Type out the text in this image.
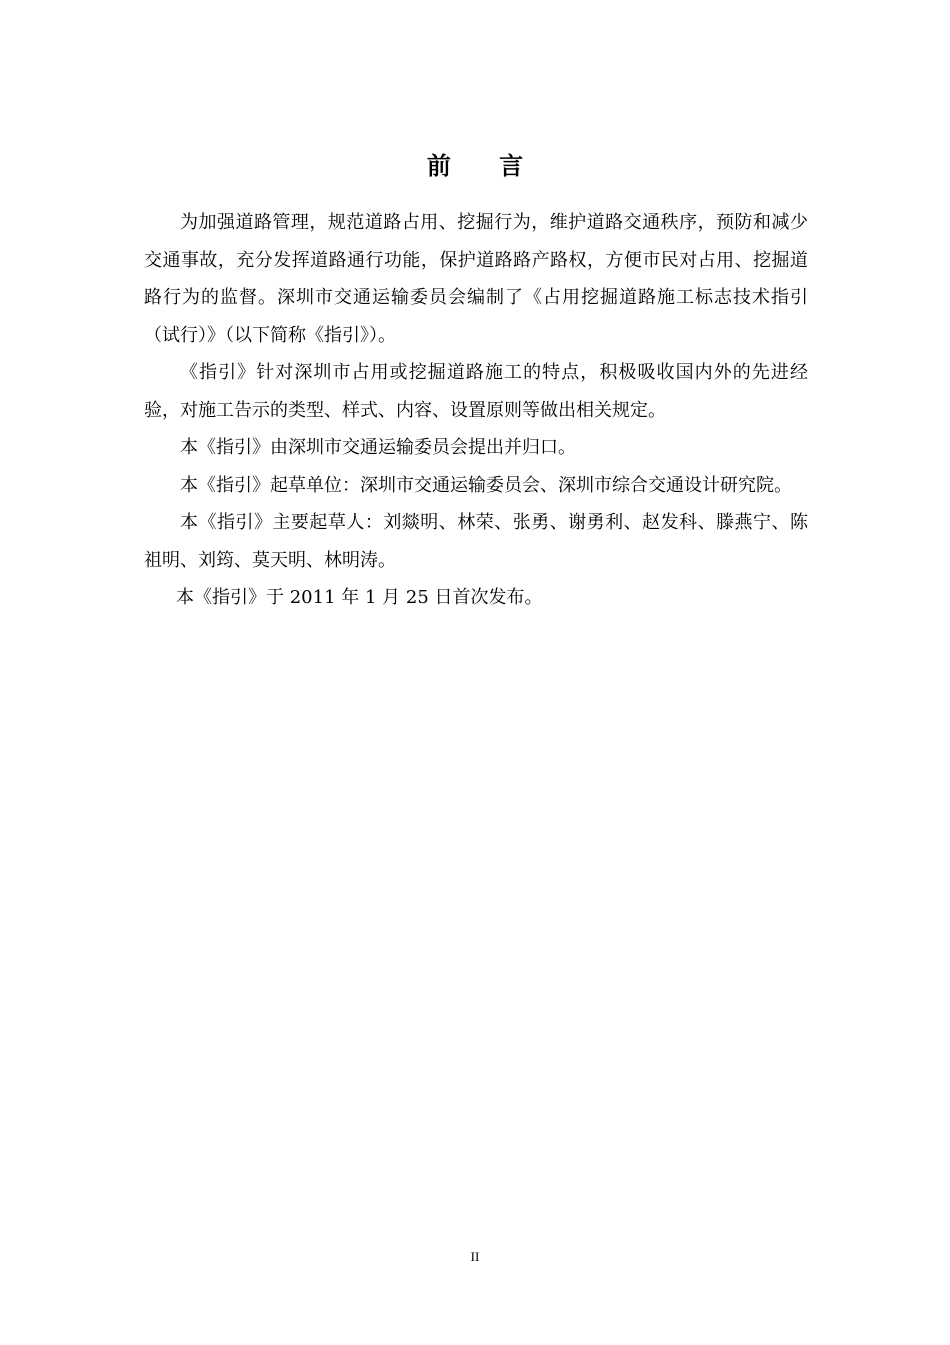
前 言

为加强道路管理，规范道路占用、挖掘行为，维护道路交通秩序，预防和减少交通事故，充分发挥道路通行功能，保护道路路产路权，方便市民对占用、挖掘道路行为的监督。深圳市交通运输委员会编制了《占用挖掘道路施工标志技术指引（试行）》（以下简称《指引》）。

《指引》针对深圳市占用或挖掘道路施工的特点，积极吸收国内外的先进经验，对施工告示的类型、样式、内容、设置原则等做出相关规定。

本《指引》由深圳市交通运输委员会提出并归口。

本《指引》起草单位：深圳市交通运输委员会、深圳市综合交通设计研究院。

本《指引》主要起草人：刘燚明、林荣、张勇、谢勇利、赵发科、滕燕宁、陈祖明、刘筠、莫天明、林明涛。

本《指引》于 2011 年 1 月 25 日首次发布。

II
